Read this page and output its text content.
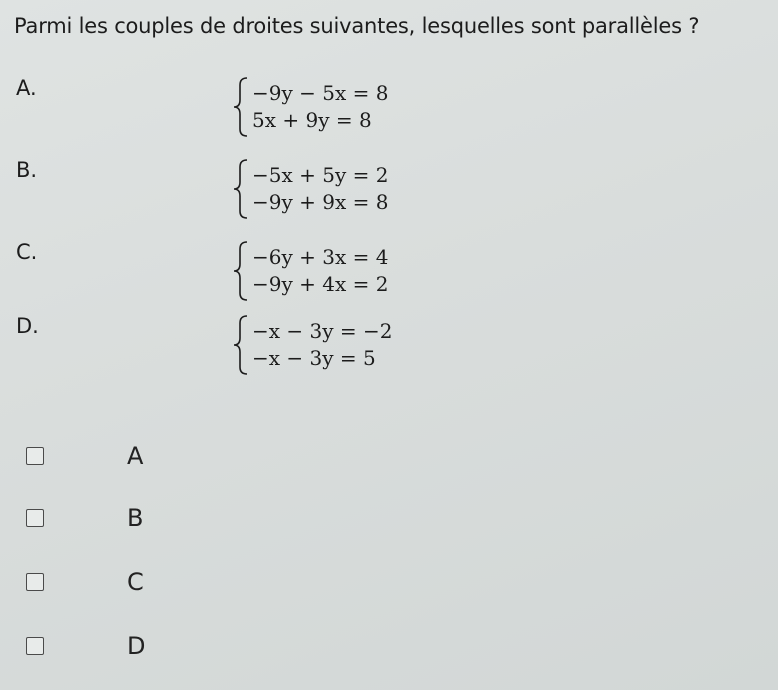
Parmi les couples de droites suivantes, lesquelles sont parallèles ?
A.	−9y − 5x = 8
5x + 9y = 8
B.	−5x + 5y = 2
−9y + 9x = 8
C.	−6y + 3x = 4
−9y + 4x = 2
D.	−x − 3y = −2
−x − 3y = 5
A
B
C
D
